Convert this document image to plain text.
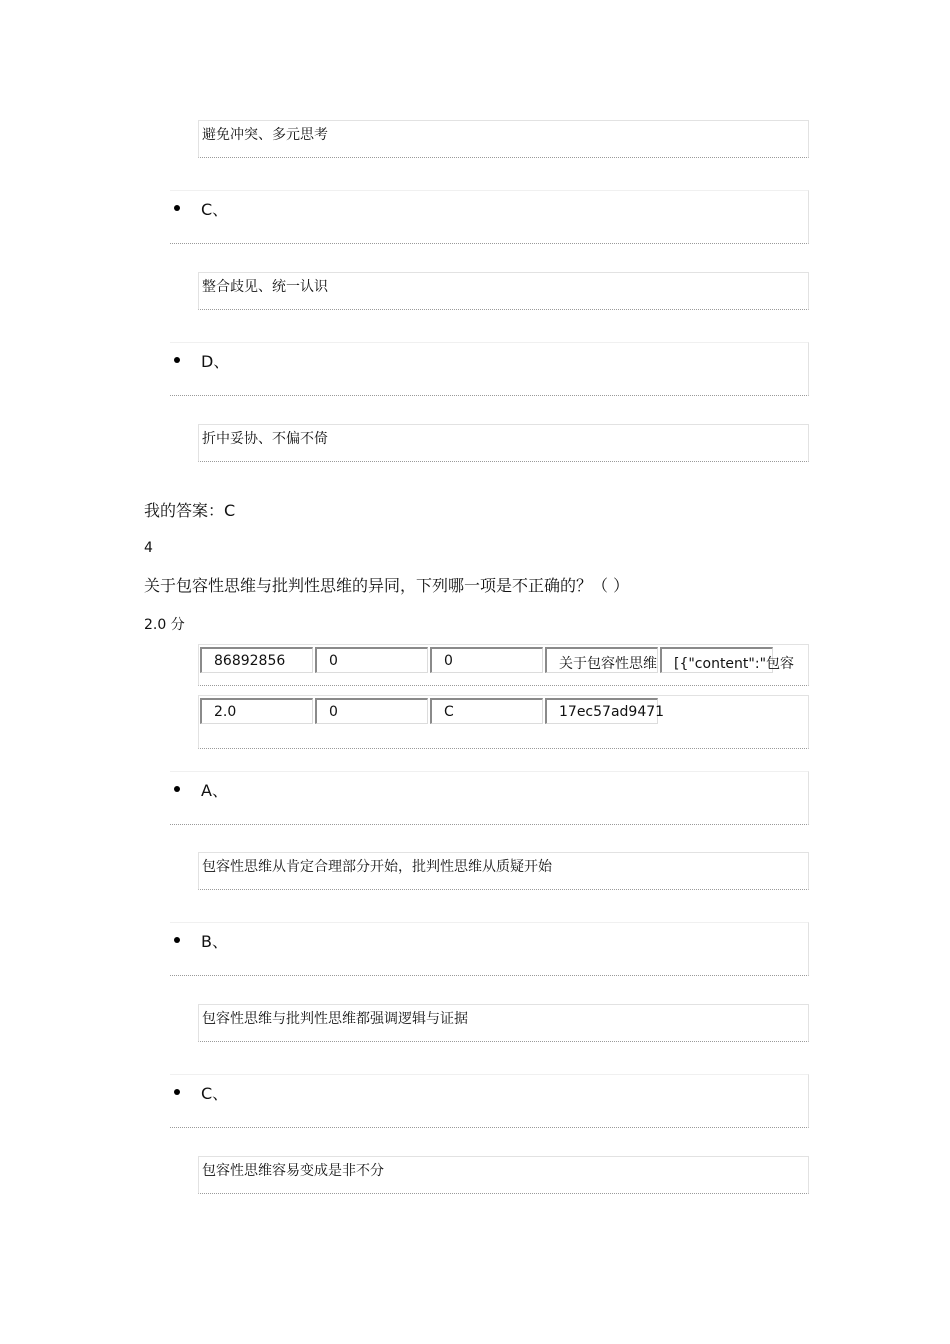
避免冲突、多元思考
C、
整合歧见、统一认识
D、
折中妥协、不偏不倚
我的答案：C
4
关于包容性思维与批判性思维的异同，下列哪一项是不正确的？（ ）
2.0 分
86892856	0	0	关于包容性思维	[{"content":"包容
2.0	0	C	17ec57ad9471
A、
包容性思维从肯定合理部分开始，批判性思维从质疑开始
B、
包容性思维与批判性思维都强调逻辑与证据
C、
包容性思维容易变成是非不分
